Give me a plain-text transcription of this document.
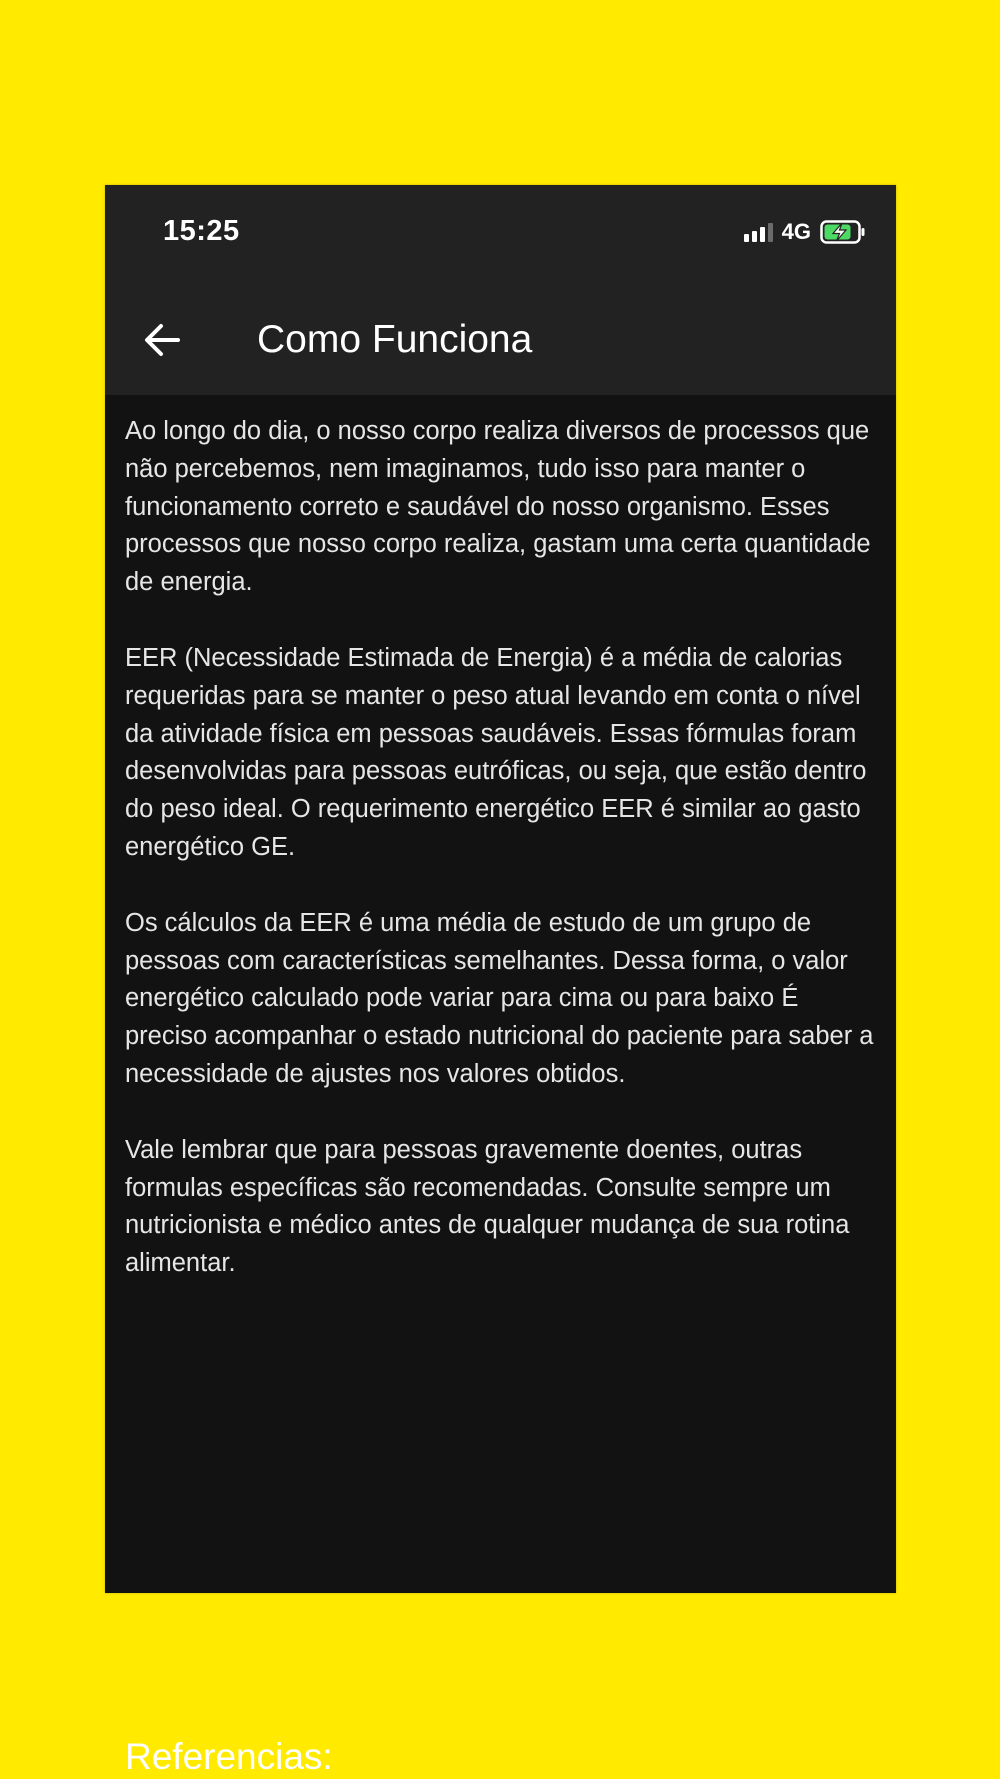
15:25	4G
Como Funciona

Ao longo do dia, o nosso corpo realiza diversos de processos que não percebemos, nem imaginamos, tudo isso para manter o funcionamento correto e saudável do nosso organismo. Esses processos que nosso corpo realiza, gastam uma certa quantidade de energia.

EER (Necessidade Estimada de Energia) é a média de calorias requeridas para se manter o peso atual levando em conta o nível da atividade física em pessoas saudáveis. Essas fórmulas foram desenvolvidas para pessoas eutróficas, ou seja, que estão dentro do peso ideal. O requerimento energético EER é similar ao gasto energético GE.

Os cálculos da EER é uma média de estudo de um grupo de pessoas com características semelhantes. Dessa forma, o valor energético calculado pode variar para cima ou para baixo É preciso acompanhar o estado nutricional do paciente para saber a necessidade de ajustes nos valores obtidos.

Vale lembrar que para pessoas gravemente doentes, outras formulas específicas são recomendadas. Consulte sempre um nutricionista e médico antes de qualquer mudança de sua rotina alimentar.

Referencias:
